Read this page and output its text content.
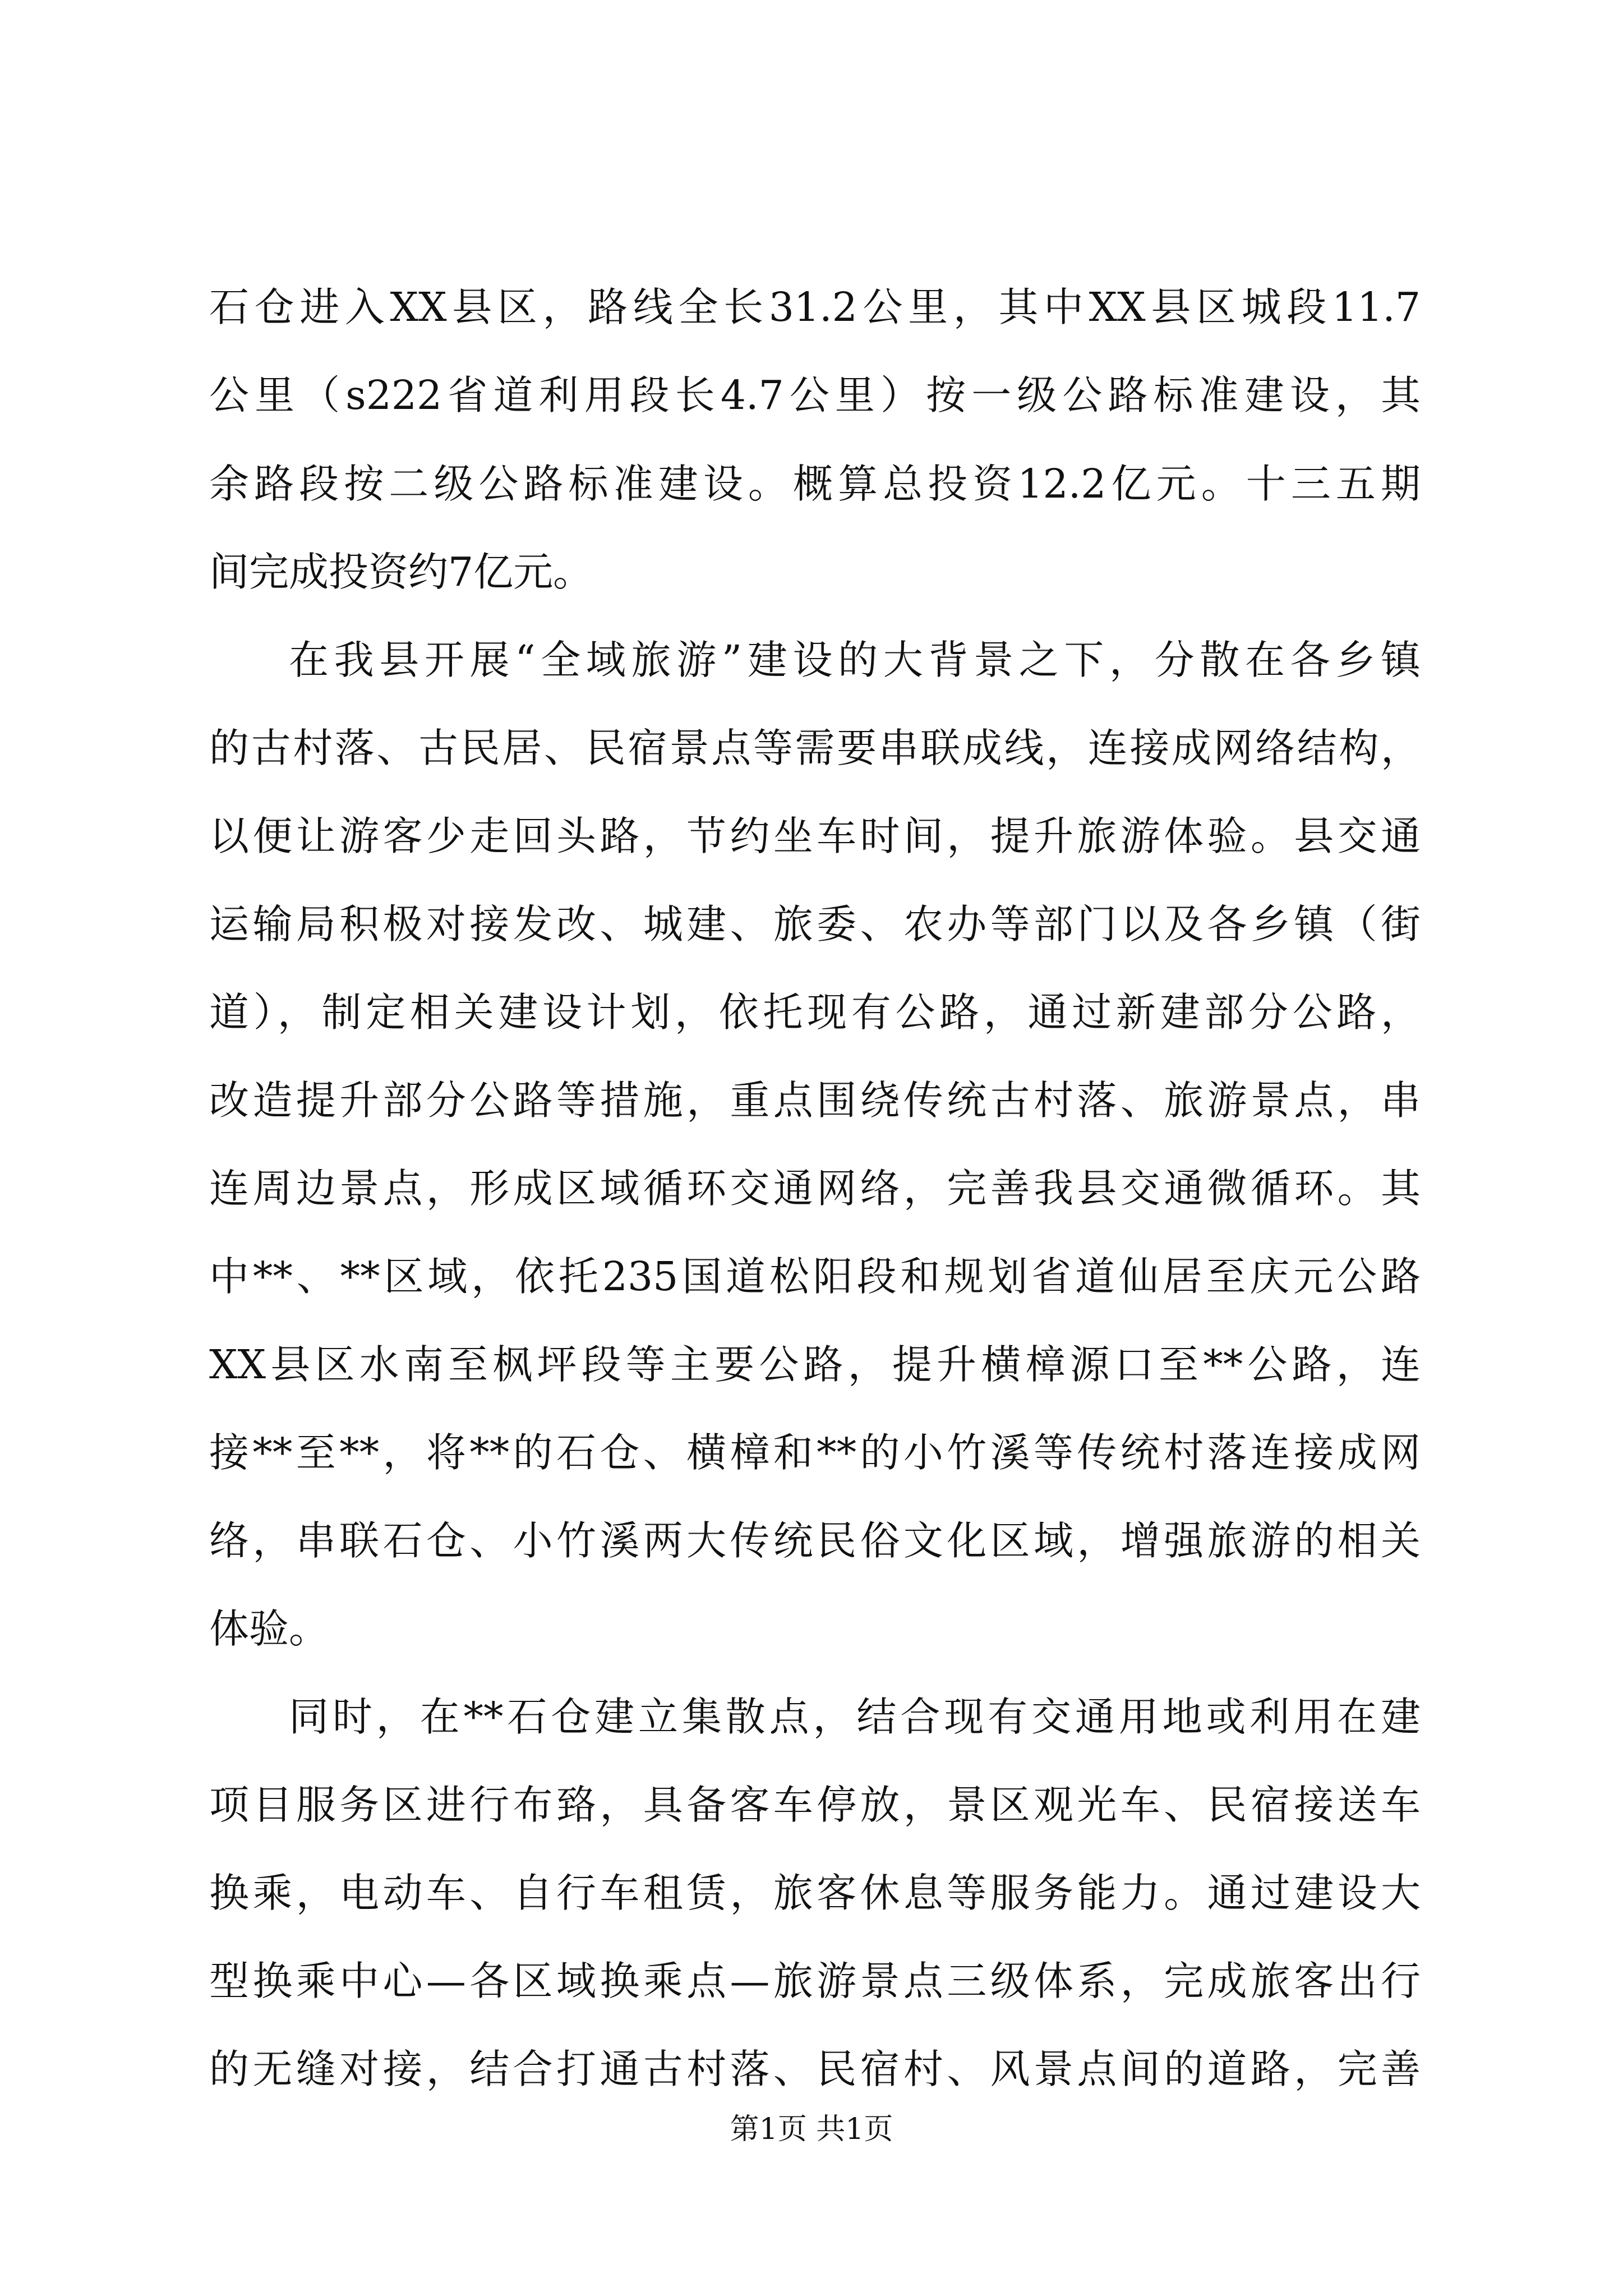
石仓进入XX县区，路线全长31.2公里，其中XX县区城段11.7
公里（s222省道利用段长4.7公里）按一级公路标准建设，其
余路段按二级公路标准建设。概算总投资12.2亿元。十三五期
间完成投资约7亿元。
在我县开展“全域旅游”建设的大背景之下，分散在各乡镇
的古村落、古民居、民宿景点等需要串联成线，连接成网络结构，
以便让游客少走回头路，节约坐车时间，提升旅游体验。县交通
运输局积极对接发改、城建、旅委、农办等部门以及各乡镇（街
道），制定相关建设计划，依托现有公路，通过新建部分公路，
改造提升部分公路等措施，重点围绕传统古村落、旅游景点，串
连周边景点，形成区域循环交通网络，完善我县交通微循环。其
中**、**区域，依托235国道松阳段和规划省道仙居至庆元公路
XX县区水南至枫坪段等主要公路，提升横樟源口至**公路，连
接**至**，将**的石仓、横樟和**的小竹溪等传统村落连接成网
络，串联石仓、小竹溪两大传统民俗文化区域，增强旅游的相关
体验。
同时，在**石仓建立集散点，结合现有交通用地或利用在建
项目服务区进行布臵，具备客车停放，景区观光车、民宿接送车
换乘，电动车、自行车租赁，旅客休息等服务能力。通过建设大
型换乘中心—各区域换乘点—旅游景点三级体系，完成旅客出行
的无缝对接，结合打通古村落、民宿村、风景点间的道路，完善
第1页 共1页
